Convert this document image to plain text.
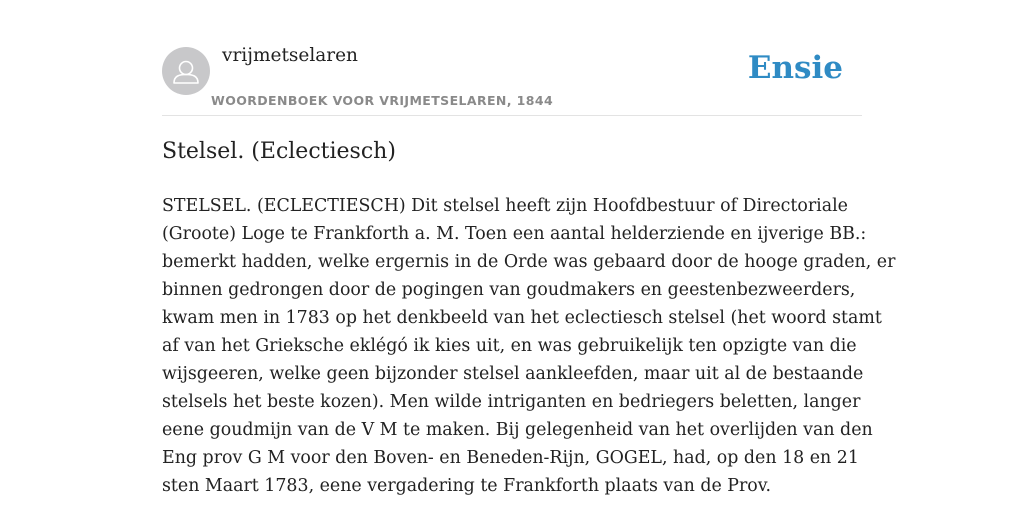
vrijmetselaren
WOORDENBOEK VOOR VRIJMETSELAREN, 1844
Ensie
Stelsel. (Eclectiesch)
STELSEL. (ECLECTIESCH) Dit stelsel heeft zijn Hoofdbestuur of Directoriale
(Groote) Loge te Frankforth a. M. Toen een aantal helderziende en ijverige BB.:
bemerkt hadden, welke ergernis in de Orde was gebaard door de hooge graden, er
binnen gedrongen door de pogingen van goudmakers en geestenbezweerders,
kwam men in 1783 op het denkbeeld van het eclectiesch stelsel (het woord stamt
af van het Grieksche eklégó ik kies uit, en was gebruikelijk ten opzigte van die
wijsgeeren, welke geen bijzonder stelsel aankleefden, maar uit al de bestaande
stelsels het beste kozen). Men wilde intriganten en bedriegers beletten, langer
eene goudmijn van de V M te maken. Bij gelegenheid van het overlijden van den
Eng prov G M voor den Boven- en Beneden-Rijn, GOGEL, had, op den 18 en 21
sten Maart 1783, eene vergadering te Frankforth plaats van de Prov.
